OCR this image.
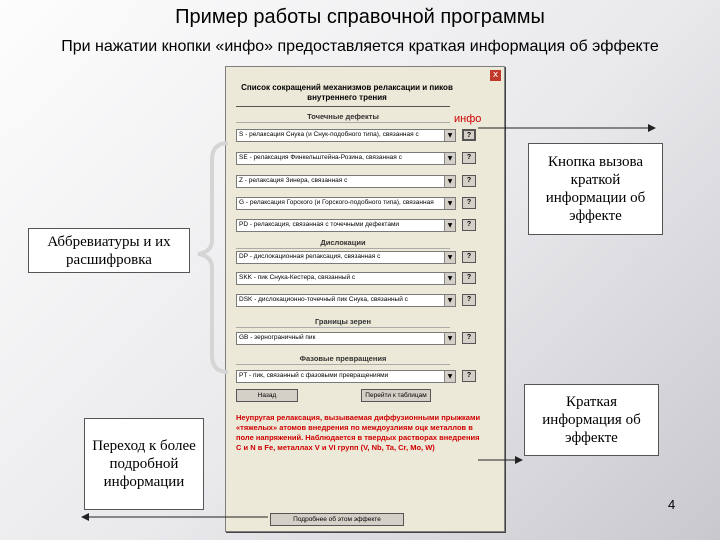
Пример работы справочной программы
При нажатии кнопки «инфо» предоставляется краткая информация об эффекте
x
Список сокращений механизмов релаксации и пиков внутреннего трения
Точечные дефекты
S - релаксация Снука (и Снук-подобного типа), связанная с	▼	?
SE - релаксация Финкельштейна-Розина, связанная с	▼	?
Z - релаксация Зинера, связанная с	▼	?
G - релаксация Горского (и Горского-подобного типа), связанная	▼	?
PD - релаксация, связанная с точечными дефектами	▼	?
Дислокации
DP - дислокационная релаксация, связанная с	▼	?
SKK - пик Снука-Кестера, связанный с	▼	?
DSK - дислокационно-точечный пик Снука, связанный с	▼	?
Границы зерен
GB - зернограничный пик	▼	?
Фазовые превращения
PT - пик, связанный с фазовыми превращениями	▼	?
Назад	Перейти к таблицам
Неупругая релаксация, вызываемая диффузионными прыжками «тяжелых» атомов внедрения по междоузлиям оцк металлов в поле напряжений. Наблюдается в твердых растворах внедрения C и N в Fe, металлах V и VI групп (V, Nb, Ta, Cr, Mo, W)
Подробнее об этом эффекте
инфо
Кнопка вызова краткой информации об эффекте
Аббревиатуры и их расшифровка
Краткая информация об эффекте
Переход к более подробной информации
4
